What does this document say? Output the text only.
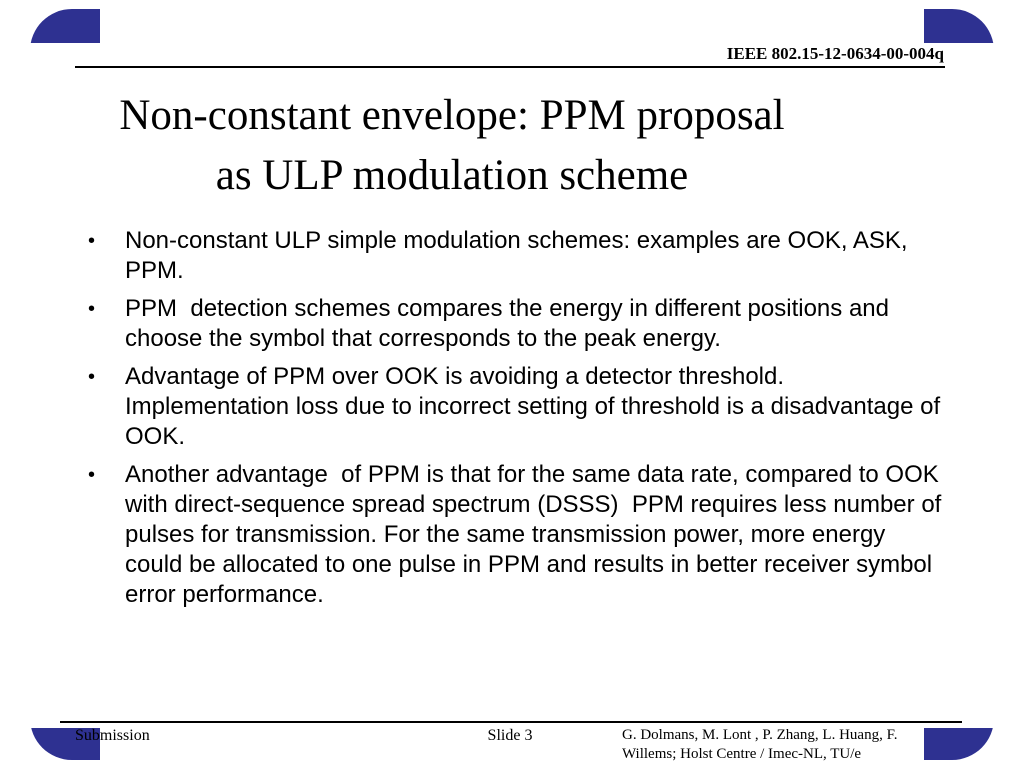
IEEE 802.15-12-0634-00-004q
Non-constant envelope: PPM proposal
as ULP modulation scheme
•	Non-constant ULP simple modulation schemes: examples are OOK, ASK, PPM.
•	PPM  detection schemes compares the energy in different positions and choose the symbol that corresponds to the peak energy.
•	Advantage of PPM over OOK is avoiding a detector threshold. Implementation loss due to incorrect setting of threshold is a disadvantage of OOK.
•	Another advantage  of PPM is that for the same data rate, compared to OOK with direct-sequence spread spectrum (DSSS)  PPM requires less number of pulses for transmission. For the same transmission power, more energy could be allocated to one pulse in PPM and results in better receiver symbol error performance.
Submission	Slide 3	G. Dolmans, M. Lont , P. Zhang, L. Huang, F.
Willems; Holst Centre / Imec-NL, TU/e
